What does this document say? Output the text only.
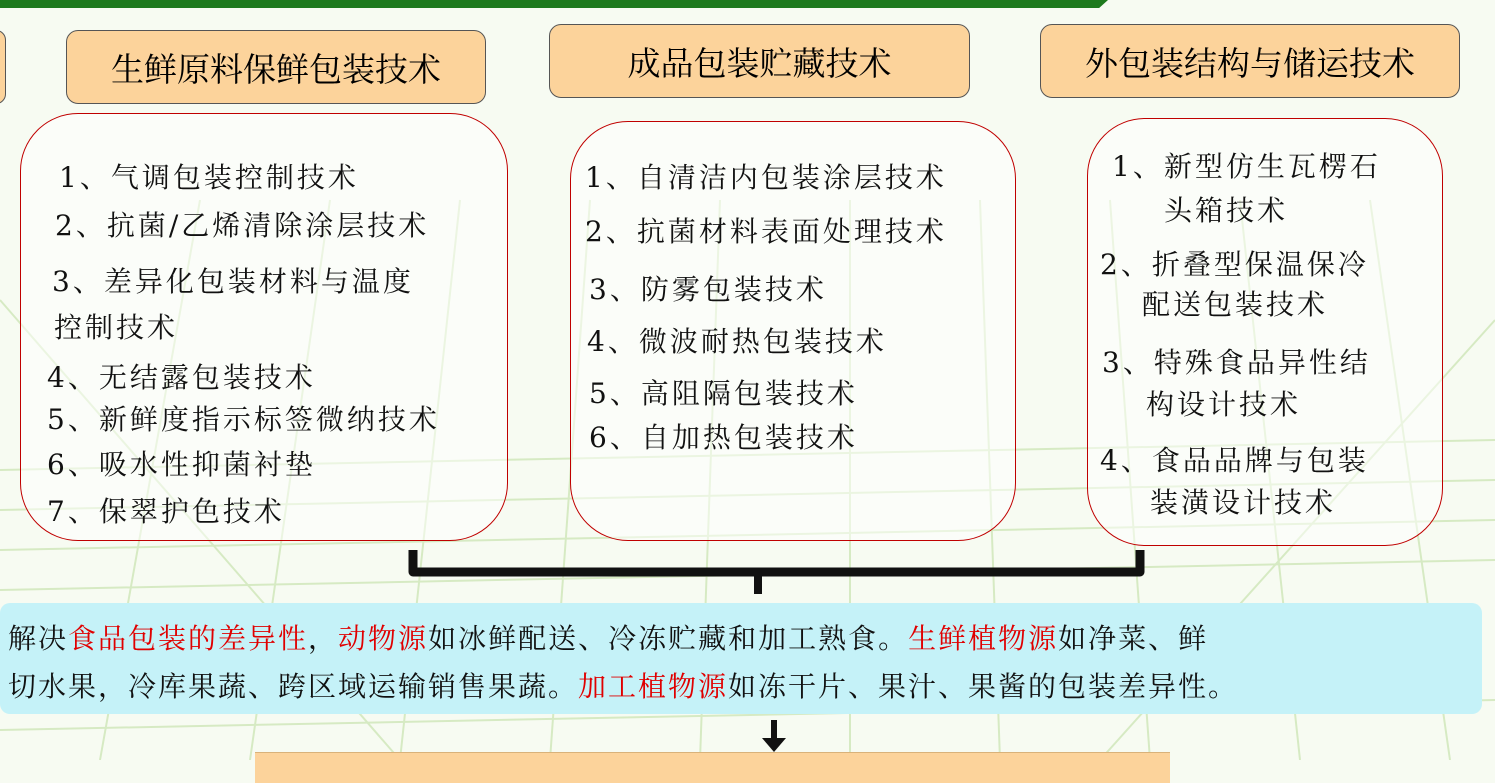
生鲜原料保鲜包装技术	成品包装贮藏技术	外包装结构与储运技术
1、气调包装控制技术
2、抗菌/乙烯清除涂层技术
3、差异化包装材料与温度
控制技术
4、无结露包装技术
5、新鲜度指示标签微纳技术
6、吸水性抑菌衬垫
7、保翠护色技术
1、自清洁内包装涂层技术
2、抗菌材料表面处理技术
3、防雾包装技术
4、微波耐热包装技术
5、高阻隔包装技术
6、自加热包装技术
1、新型仿生瓦楞石
头箱技术
2、折叠型保温保冷
配送包装技术
3、特殊食品异性结
构设计技术
4、食品品牌与包装
装潢设计技术
解决食品包装的差异性，动物源如冰鲜配送、冷冻贮藏和加工熟食。生鲜植物源如净菜、鲜
切水果，冷库果蔬、跨区域运输销售果蔬。加工植物源如冻干片、果汁、果酱的包装差异性。
